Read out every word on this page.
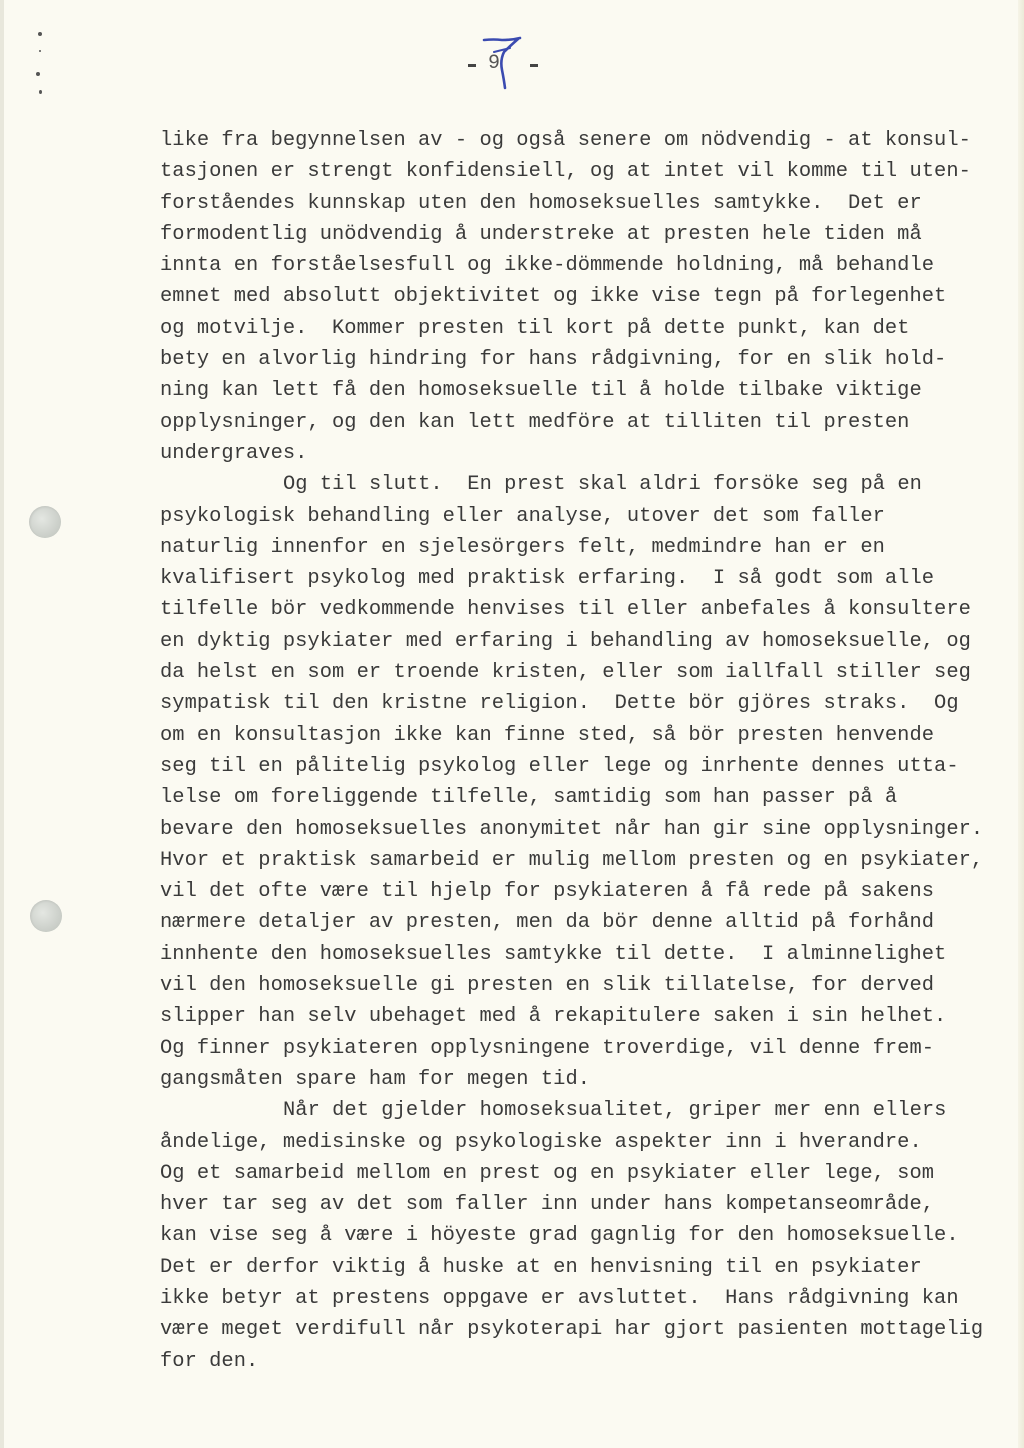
9
like fra begynnelsen av - og også senere om nödvendig - at konsul-
tasjonen er strengt konfidensiell, og at intet vil komme til uten-
forståendes kunnskap uten den homoseksuelles samtykke.  Det er
formodentlig unödvendig å understreke at presten hele tiden må
innta en forståelsesfull og ikke-dömmende holdning, må behandle
emnet med absolutt objektivitet og ikke vise tegn på forlegenhet
og motvilje.  Kommer presten til kort på dette punkt, kan det
bety en alvorlig hindring for hans rådgivning, for en slik hold-
ning kan lett få den homoseksuelle til å holde tilbake viktige
opplysninger, og den kan lett medföre at tilliten til presten
undergraves.
Og til slutt.  En prest skal aldri forsöke seg på en
psykologisk behandling eller analyse, utover det som faller
naturlig innenfor en sjelesörgers felt, medmindre han er en
kvalifisert psykolog med praktisk erfaring.  I så godt som alle
tilfelle bör vedkommende henvises til eller anbefales å konsultere
en dyktig psykiater med erfaring i behandling av homoseksuelle, og
da helst en som er troende kristen, eller som iallfall stiller seg
sympatisk til den kristne religion.  Dette bör gjöres straks.  Og
om en konsultasjon ikke kan finne sted, så bör presten henvende
seg til en pålitelig psykolog eller lege og inrhente dennes utta-
lelse om foreliggende tilfelle, samtidig som han passer på å
bevare den homoseksuelles anonymitet når han gir sine opplysninger.
Hvor et praktisk samarbeid er mulig mellom presten og en psykiater,
vil det ofte være til hjelp for psykiateren å få rede på sakens
nærmere detaljer av presten, men da bör denne alltid på forhånd
innhente den homoseksuelles samtykke til dette.  I alminnelighet
vil den homoseksuelle gi presten en slik tillatelse, for derved
slipper han selv ubehaget med å rekapitulere saken i sin helhet.
Og finner psykiateren opplysningene troverdige, vil denne frem-
gangsmåten spare ham for megen tid.
Når det gjelder homoseksualitet, griper mer enn ellers
åndelige, medisinske og psykologiske aspekter inn i hverandre.
Og et samarbeid mellom en prest og en psykiater eller lege, som
hver tar seg av det som faller inn under hans kompetanseområde,
kan vise seg å være i höyeste grad gagnlig for den homoseksuelle.
Det er derfor viktig å huske at en henvisning til en psykiater
ikke betyr at prestens oppgave er avsluttet.  Hans rådgivning kan
være meget verdifull når psykoterapi har gjort pasienten mottagelig
for den.
